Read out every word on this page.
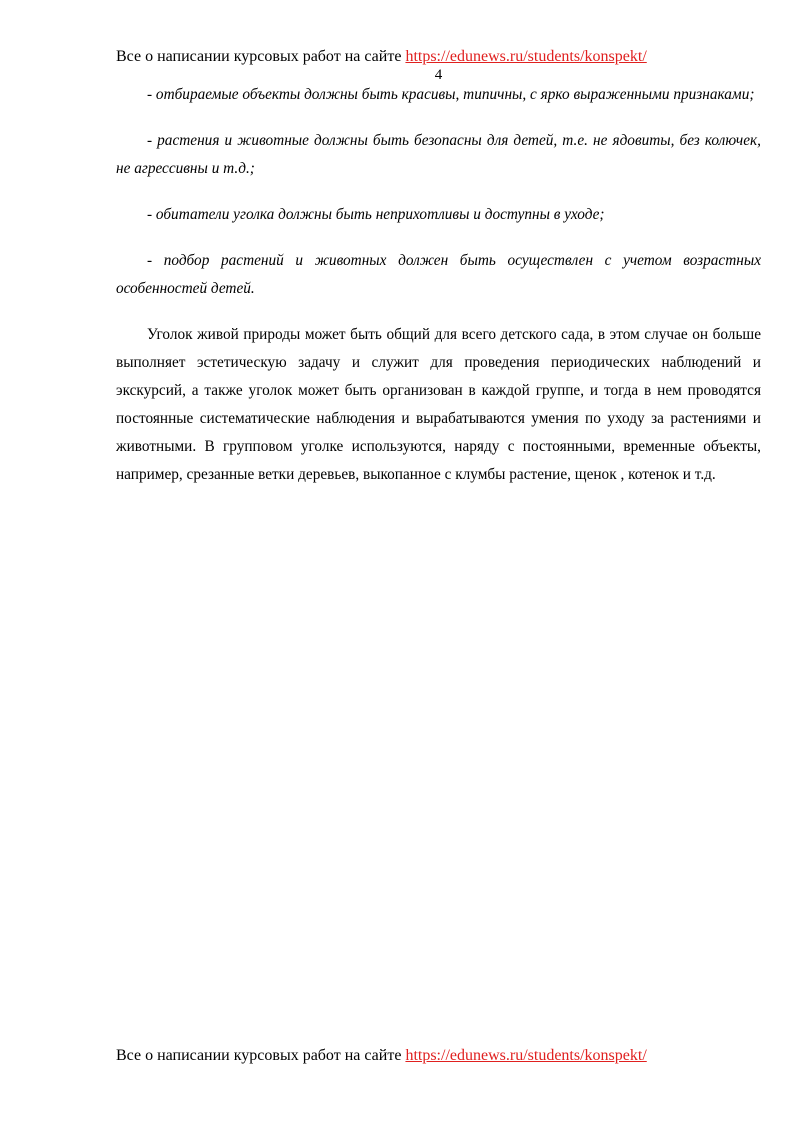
Все о написании курсовых работ на сайте https://edunews.ru/students/konspekt/
4

- отбираемые объекты должны быть красивы, типичны, с ярко выраженными признаками;

- растения и животные должны быть безопасны для детей, т.е. не ядовиты, без колючек, не агрессивны и т.д.;

- обитатели уголка должны быть неприхотливы и доступны в уходе;

- подбор растений и животных должен быть осуществлен с учетом возрастных особенностей детей.

Уголок живой природы может быть общий для всего детского сада, в этом случае он больше выполняет эстетическую задачу и служит для проведения периодических наблюдений и экскурсий, а также уголок может быть организован в каждой группе, и тогда в нем проводятся постоянные систематические наблюдения и вырабатываются умения по уходу за растениями и животными. В групповом уголке используются, наряду с постоянными, временные объекты, например, срезанные ветки деревьев, выкопанное с клумбы растение, щенок , котенок и т.д.

Все о написании курсовых работ на сайте https://edunews.ru/students/konspekt/
